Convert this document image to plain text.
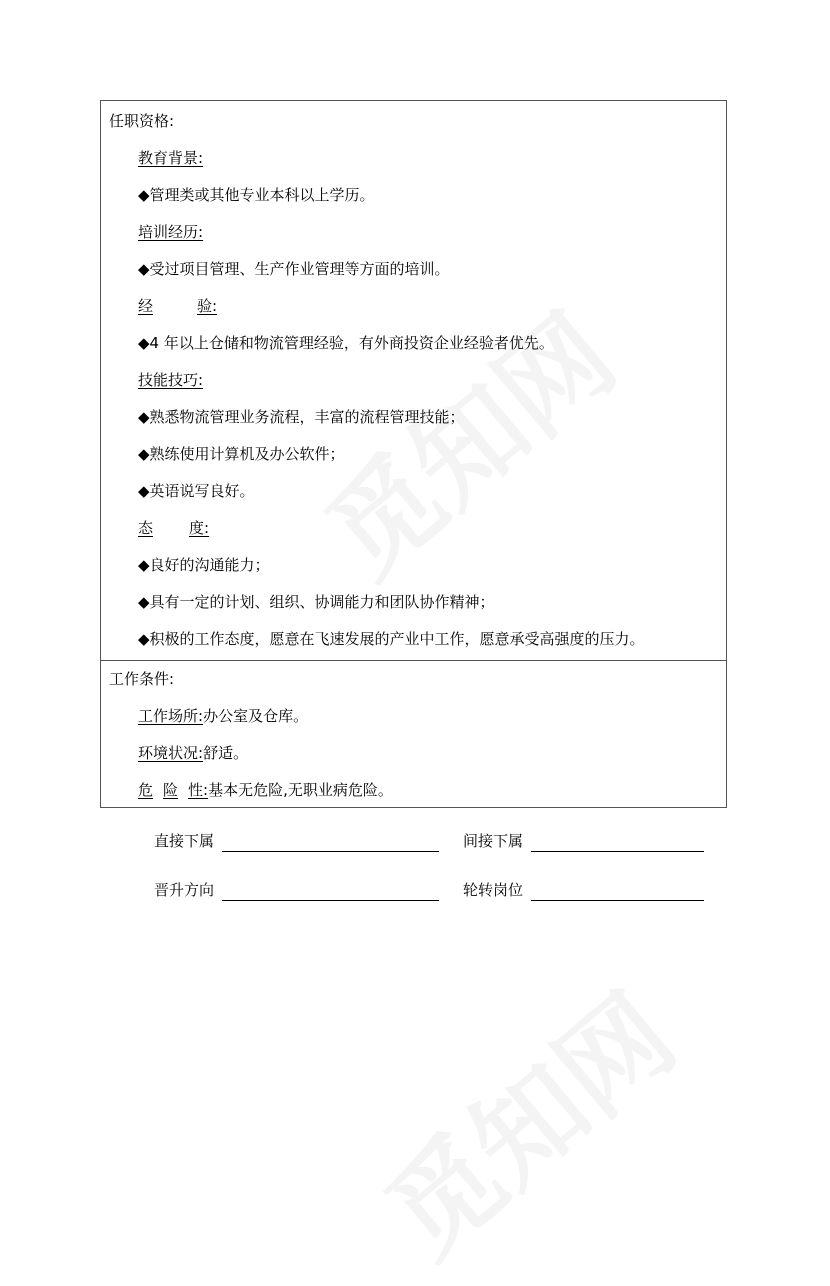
任职资格:
教育背景:
◆管理类或其他专业本科以上学历。
培训经历:
◆受过项目管理、生产作业管理等方面的培训。
经	验:
◆4 年以上仓储和物流管理经验，有外商投资企业经验者优先。
技能技巧:
◆熟悉物流管理业务流程，丰富的流程管理技能；
◆熟练使用计算机及办公软件；
◆英语说写良好。
态 度:
◆良好的沟通能力；
◆具有一定的计划、组织、协调能力和团队协作精神；
◆积极的工作态度，愿意在飞速发展的产业中工作，愿意承受高强度的压力。
工作条件:
工作场所:办公室及仓库。
环境状况:舒适。
危 险 性:基本无危险,无职业病危险。
直接下属	间接下属
晋升方向	轮转岗位
